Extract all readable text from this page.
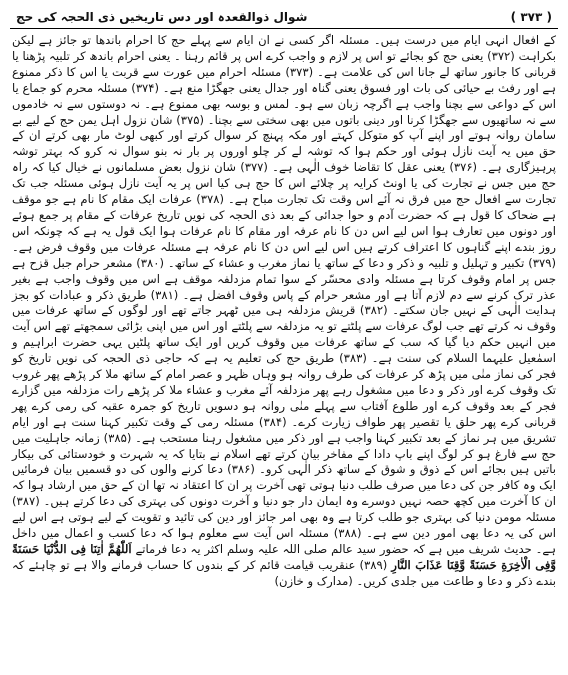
( ۳۷۳ )
شوال ذوالقعدہ اور دس تاریخیں ذی الحجہ کی حج

کے افعال انہی ایام میں درست ہیں۔ مسئلہ اگر کسی نے ان ایام سے پہلے حج کا احرام باندھا تو جائز ہے لیکن بکراہت (۳۷۲) یعنی حج کو بجائے تو اس پر لازم و واجب کرے اس پر قائم رہنا ۔ یعنی احرام باندھ کر تلبیہ پڑھنا یا قربانی کا جانور ساتھ لے جانا اس کی علامت ہے۔ (۳۷۳) مسئلہ احرام میں عورت سے قربت یا اس کا ذکر ممنوع ہے اور رفث بے حیائی کی بات اور فسوق یعنی گناہ اور جدال یعنی جھگڑا منع ہے۔ (۳۷۴) مسئلہ محرم کو جماع یا اس کے دواعی سے بچنا واجب ہے اگرچہ زبان سے ہو۔ لمس و بوسہ بھی ممنوع ہے۔ نہ دوستوں سے نہ خادموں سے نہ ساتھیوں سے جھگڑا کرنا اور دینی باتوں میں بھی سختی سے بچنا۔ (۳۷۵) شان نزول اہل یمن حج کے لیے بے سامان روانہ ہوتے اور اپنے آپ کو متوکل کہتے اور مکہ پہنچ کر سوال کرتے اور کبھی لوٹ مار بھی کرتے ان کے حق میں یہ آیت نازل ہوئی اور حکم ہوا کہ توشہ لے کر چلو اوروں پر بار نہ بنو سوال نہ کرو کہ بہتر توشہ پرہیزگاری ہے۔ (۳۷۶) یعنی عقل کا تقاضا خوف الٰہی ہے۔ (۳۷۷) شان نزول بعض مسلمانوں نے خیال کیا کہ راہ حج میں جس نے تجارت کی یا اونٹ کرایہ پر چلائے اس کا حج ہی کیا اس پر یہ آیت نازل ہوئی مسئلہ جب تک تجارت سے افعال حج میں فرق نہ آئے اس وقت تک تجارت مباح ہے۔ (۳۷۸) عرفات ایک مقام کا نام ہے جو موقف ہے ضحاک کا قول ہے کہ حضرت آدم و حوا جدائی کے بعد ذی الحجہ کی نویں تاریخ عرفات کے مقام پر جمع ہوئے اور دونوں میں تعارف ہوا اس لیے اس دن کا نام عرفہ اور مقام کا نام عرفات ہوا ایک قول یہ ہے کہ چونکہ اس روز بندے اپنے گناہوں کا اعتراف کرتے ہیں اس لیے اس دن کا نام عرفہ ہے مسئلہ عرفات میں وقوف فرض ہے۔ (۳۷۹) تکبیر و تہلیل و تلبیہ و ذکر و دعا کے ساتھ یا نماز مغرب و عشاء کے ساتھ۔ (۳۸۰) مشعر حرام جبل قزح ہے جس پر امام وقوف کرتا ہے مسئلہ وادی محسّر کے سوا تمام مزدلفہ موقف ہے اس میں وقوف واجب ہے بغیر عذر ترک کرنے سے دم لازم آتا ہے اور مشعر حرام کے پاس وقوف افضل ہے۔ (۳۸۱) طریق ذکر و عبادات کو بجز ہدایت الٰہی کے نہیں جان سکتے۔ (۳۸۲) قریش مزدلفہ ہی میں ٹھہر جاتے تھے اور لوگوں کے ساتھ عرفات میں وقوف نہ کرتے تھے جب لوگ عرفات سے پلٹتے تو یہ مزدلفہ سے پلٹتے اور اس میں اپنی بڑائی سمجھتے تھے اس آیت میں انہیں حکم دیا گیا کہ سب کے ساتھ عرفات میں وقوف کریں اور ایک ساتھ پلٹیں یہی حضرت ابراہیم و اسمٰعیل علیہما السلام کی سنت ہے۔ (۳۸۳) طریق حج کی تعلیم یہ ہے کہ حاجی ذی الحجہ کی نویں تاریخ کو فجر کی نماز منٰی میں پڑھ کر عرفات کی طرف روانہ ہو وہاں ظہر و عصر امام کے ساتھ ملا کر پڑھے پھر غروب تک وقوف کرے اور ذکر و دعا میں مشغول رہے پھر مزدلفہ آئے مغرب و عشاء ملا کر پڑھے رات مزدلفہ میں گزارے فجر کے بعد وقوف کرے اور طلوع آفتاب سے پہلے منٰی روانہ ہو دسویں تاریخ کو جمرہ عقبہ کی رمی کرے پھر قربانی کرے پھر حلق یا تقصیر پھر طواف زیارت کرے۔ (۳۸۴) مسئلہ رمی کے وقت تکبیر کہنا سنت ہے اور ایام تشریق میں ہر نماز کے بعد تکبیر کہنا واجب ہے اور ذکر میں مشغول رہنا مستحب ہے۔ (۳۸۵) زمانہ جاہلیت میں حج سے فارغ ہو کر لوگ اپنے باپ دادا کے مفاخر بیان کرتے تھے اسلام نے بتایا کہ یہ شہرت و خودستائی کی بیکار باتیں ہیں بجائے اس کے ذوق و شوق کے ساتھ ذکر الٰہی کرو۔ (۳۸۶) دعا کرنے والوں کی دو قسمیں بیان فرمائیں ایک وہ کافر جن کی دعا میں صرف طلب دنیا ہوتی تھی آخرت پر ان کا اعتقاد نہ تھا ان کے حق میں ارشاد ہوا کہ ان کا آخرت میں کچھ حصہ نہیں دوسرے وہ ایمان دار جو دنیا و آخرت دونوں کی بہتری کی دعا کرتے ہیں۔ (۳۸۷) مسئلہ مومن دنیا کی بہتری جو طلب کرتا ہے وہ بھی امر جائز اور دین کی تائید و تقویت کے لیے ہوتی ہے اس لیے اس کی یہ دعا بھی امور دین سے ہے۔ (۳۸۸) مسئلہ اس آیت سے معلوم ہوا کہ دعا کسب و اعمال میں داخل ہے۔ حدیث شریف میں ہے کہ حضور سید عالم صلی اللہ علیہ وسلم اکثر یہ دعا فرماتے اَللّٰھُمَّ اٰتِنَا فِی الدُّنْیَا حَسَنَةً وَّفِی الْاٰخِرَةِ حَسَنَةً وَّقِنَا عَذَابَ النَّارِ (۳۸۹) عنقریب قیامت قائم کر کے بندوں کا حساب فرمانے والا ہے تو چاہئے کہ بندے ذکر و دعا و طاعت میں جلدی کریں۔ (مدارک و خازن)
